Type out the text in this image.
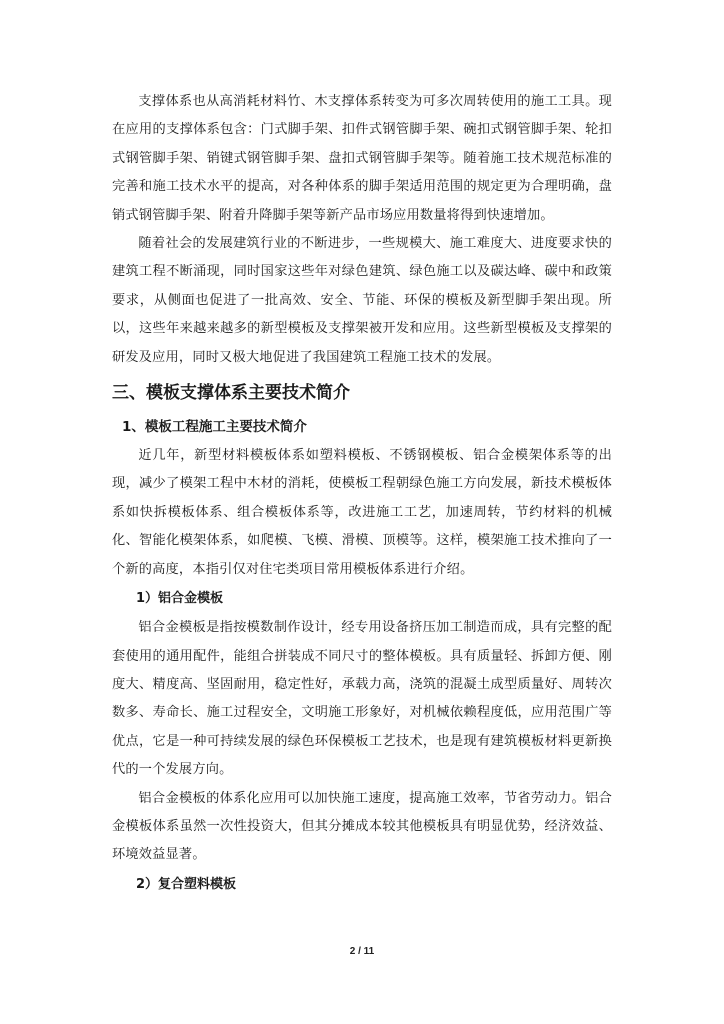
支撑体系也从高消耗材料竹、木支撑体系转变为可多次周转使用的施工工具。现在应用的支撑体系包含：门式脚手架、扣件式钢管脚手架、碗扣式钢管脚手架、轮扣式钢管脚手架、销键式钢管脚手架、盘扣式钢管脚手架等。随着施工技术规范标准的完善和施工技术水平的提高，对各种体系的脚手架适用范围的规定更为合理明确，盘销式钢管脚手架、附着升降脚手架等新产品市场应用数量将得到快速增加。

随着社会的发展建筑行业的不断进步，一些规模大、施工难度大、进度要求快的建筑工程不断涌现，同时国家这些年对绿色建筑、绿色施工以及碳达峰、碳中和政策要求，从侧面也促进了一批高效、安全、节能、环保的模板及新型脚手架出现。所以，这些年来越来越多的新型模板及支撑架被开发和应用。这些新型模板及支撑架的研发及应用，同时又极大地促进了我国建筑工程施工技术的发展。

三、模板支撑体系主要技术简介
1、模板工程施工主要技术简介

近几年，新型材料模板体系如塑料模板、不锈钢模板、铝合金模架体系等的出现，减少了模架工程中木材的消耗，使模板工程朝绿色施工方向发展，新技术模板体系如快拆模板体系、组合模板体系等，改进施工工艺，加速周转，节约材料的机械化、智能化模架体系，如爬模、飞模、滑模、顶模等。这样，模架施工技术推向了一个新的高度，本指引仅对住宅类项目常用模板体系进行介绍。

1）铝合金模板

铝合金模板是指按模数制作设计，经专用设备挤压加工制造而成，具有完整的配套使用的通用配件，能组合拼装成不同尺寸的整体模板。具有质量轻、拆卸方便、刚度大、精度高、坚固耐用，稳定性好，承载力高，浇筑的混凝土成型质量好、周转次数多、寿命长、施工过程安全，文明施工形象好，对机械依赖程度低，应用范围广等优点，它是一种可持续发展的绿色环保模板工艺技术，也是现有建筑模板材料更新换代的一个发展方向。

铝合金模板的体系化应用可以加快施工速度，提高施工效率，节省劳动力。铝合金模板体系虽然一次性投资大，但其分摊成本较其他模板具有明显优势，经济效益、环境效益显著。

2）复合塑料模板
2 / 11
